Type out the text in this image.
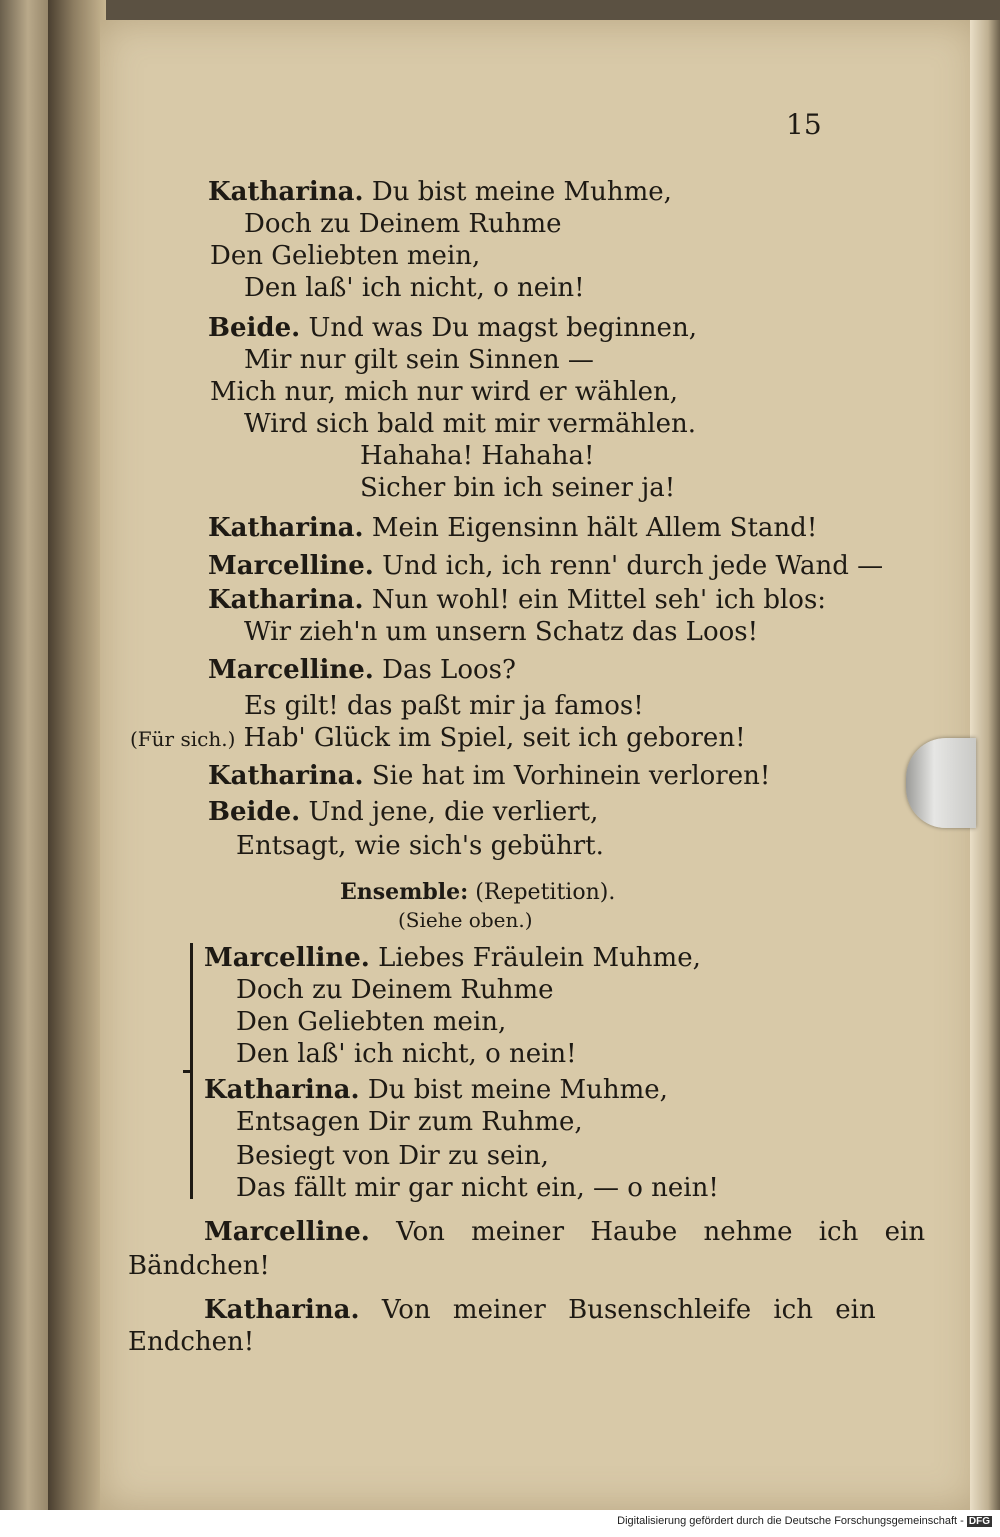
15
Katharina. Du bist meine Muhme,
Doch zu Deinem Ruhme
Den Geliebten mein,
Den laß' ich nicht, o nein!
Beide. Und was Du magst beginnen,
Mir nur gilt sein Sinnen —
Mich nur, mich nur wird er wählen,
Wird sich bald mit mir vermählen.
Hahaha! Hahaha!
Sicher bin ich seiner ja!
Katharina. Mein Eigensinn hält Allem Stand!
Marcelline. Und ich, ich renn' durch jede Wand —
Katharina. Nun wohl! ein Mittel seh' ich blos:
Wir zieh'n um unsern Schatz das Loos!
Marcelline. Das Loos?
Es gilt! das paßt mir ja famos!
(Für sich.) Hab' Glück im Spiel, seit ich geboren!
Katharina. Sie hat im Vorhinein verloren!
Beide. Und jene, die verliert,
Entsagt, wie sich's gebührt.
Ensemble: (Repetition).
(Siehe oben.)
Marcelline. Liebes Fräulein Muhme,
Doch zu Deinem Ruhme
Den Geliebten mein,
Den laß' ich nicht, o nein!
Katharina. Du bist meine Muhme,
Entsagen Dir zum Ruhme,
Besiegt von Dir zu sein,
Das fällt mir gar nicht ein, — o nein!
Marcelline. Von meiner Haube nehme ich ein
Bändchen!
Katharina. Von meiner Busenschleife ich ein
Endchen!
Digitalisierung gefördert durch die Deutsche Forschungsgemeinschaft - DFG
